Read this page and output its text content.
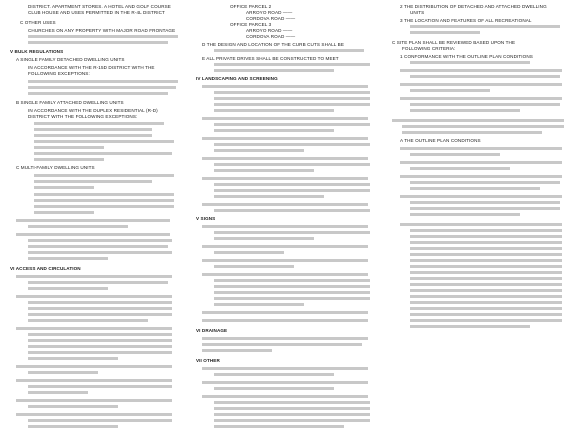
DISTRICT. APARTMENT STORES. A HOTEL AND GOLF COURSE
CLUB HOUSE AND USES PERMITTED IN THE R-4L DISTRICT
C OTHER USES
CHURCHES ON ANY PROPERTY WITH MAJOR ROAD FRONTAGE
V BULK REGULATIONS
A SINGLE FAMILY DETACHED DWELLING UNITS
IN ACCORDANCE WITH THE R-15D DISTRICT WITH THE
FOLLOWING EXCEPTIONS:
B SINGLE FAMILY ATTACHED DWELLING UNITS
IN ACCORDANCE WITH THE DUPLEX RESIDENTIAL (R-D)
DISTRICT WITH THE FOLLOWING EXCEPTIONS:
C MULTI-FAMILY DWELLING UNITS
VI ACCESS AND CIRCULATION
OFFICE PARCEL 2
ARROYO ROAD ——
CORDOVA ROAD ——
OFFICE PARCEL 3
ARROYO ROAD ——
CORDOVA ROAD ——
D THE DESIGN AND LOCATION OF THE CURB CUTS SHALL BE
E ALL PRIVATE DRIVES SHALL BE CONSTRUCTED TO MEET
IV LANDSCAPING AND SCREENING
V SIGNS
VI DRAINAGE
VII OTHER
2 THE DISTRIBUTION OF DETACHED AND ATTACHED DWELLING
UNITS
3 THE LOCATION AND FEATURES OF ALL RECREATIONAL
C SITE PLAN SHALL BE REVIEWED BASED UPON THE
FOLLOWING CRITERIA:
1 CONFORMANCE WITH THE OUTLINE PLAN CONDITIONS
A THE OUTLINE PLAN CONDITIONS
